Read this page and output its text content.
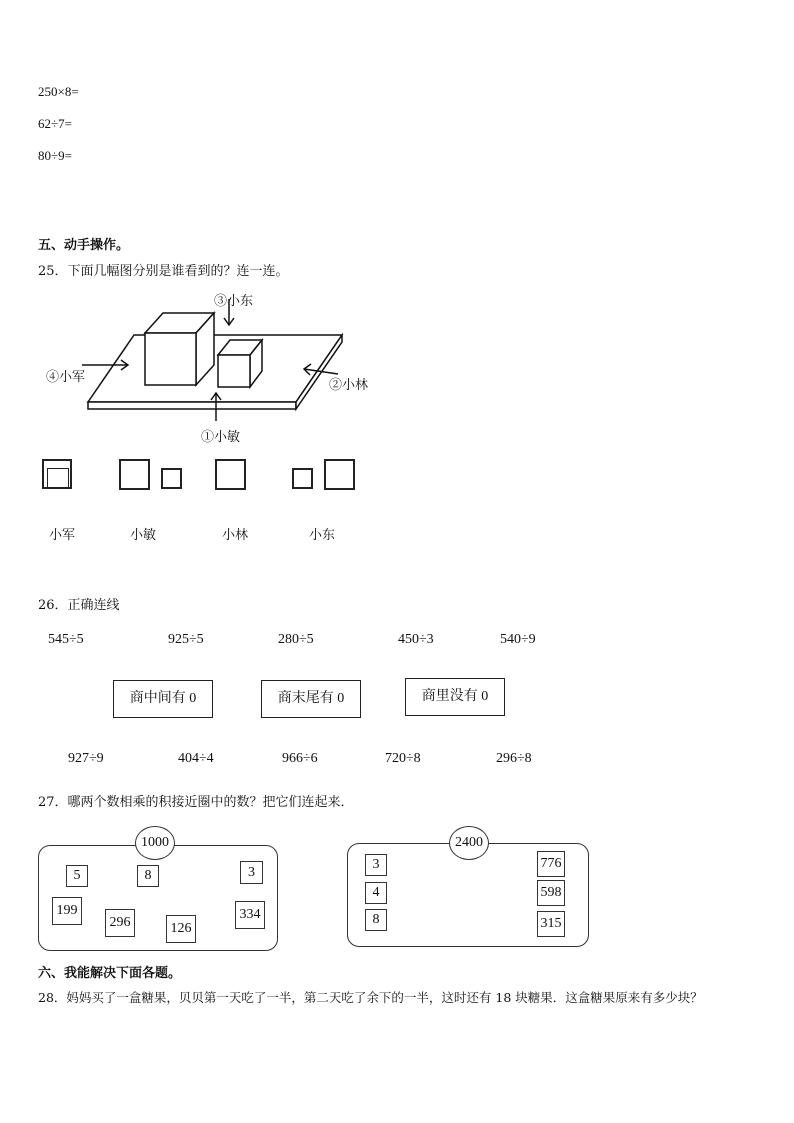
250×8=
62÷7=
80÷9=
五、动手操作。
25．下面几幅图分别是谁看到的？连一连。
③小东
④小军
②小林
①小敏
小军	小敏	小林	小东
26．正确连线
545÷5	925÷5	280÷5	450÷3	540÷9
商中间有 0	商末尾有 0	商里没有 0
927÷9	404÷4	966÷6	720÷8	296÷8
27．哪两个数相乘的积接近圈中的数？把它们连起来．
1000
5	8	3
199
296	126
334
2400
3
4
8
776
598
315
六、我能解决下面各题。
28．妈妈买了一盒糖果，贝贝第一天吃了一半，第二天吃了余下的一半，这时还有 18 块糖果．这盒糖果原来有多少块？
